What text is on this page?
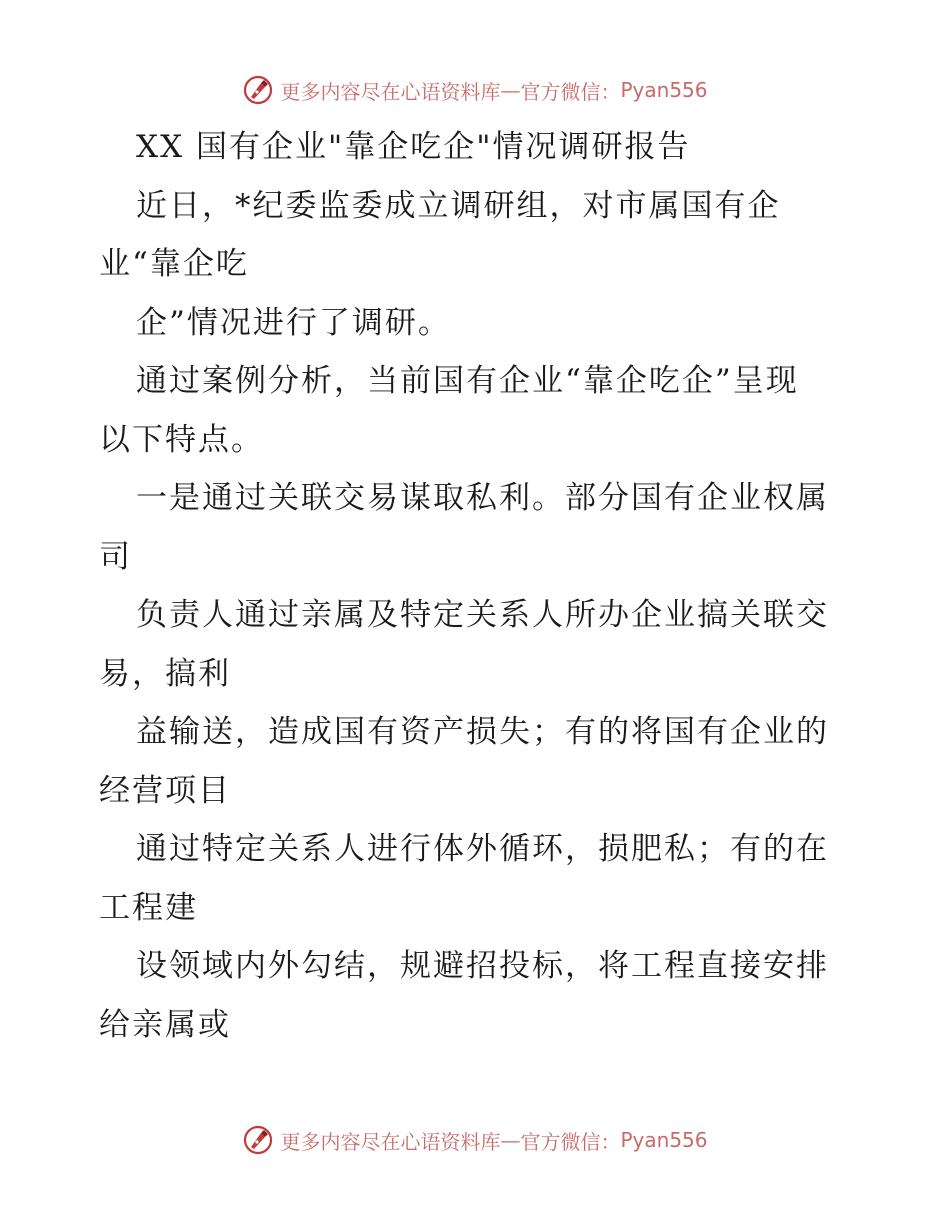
更多内容尽在心语资料库 — 官方微信： Pyan556
XX 国有企业"靠企吃企"情况调研报告
近日，*纪委监委成立调研组，对市属国有企
业“靠企吃
企”情况进行了调研。
通过案例分析，当前国有企业“靠企吃企”呈现
以下特点。
一是通过关联交易谋取私利。部分国有企业权属
司
负责人通过亲属及特定关系人所办企业搞关联交
易，搞利
益输送，造成国有资产损失；有的将国有企业的
经营项目
通过特定关系人进行体外循环，损肥私；有的在
工程建
设领域内外勾结，规避招投标，将工程直接安排
给亲属或
更多内容尽在心语资料库 — 官方微信： Pyan556
